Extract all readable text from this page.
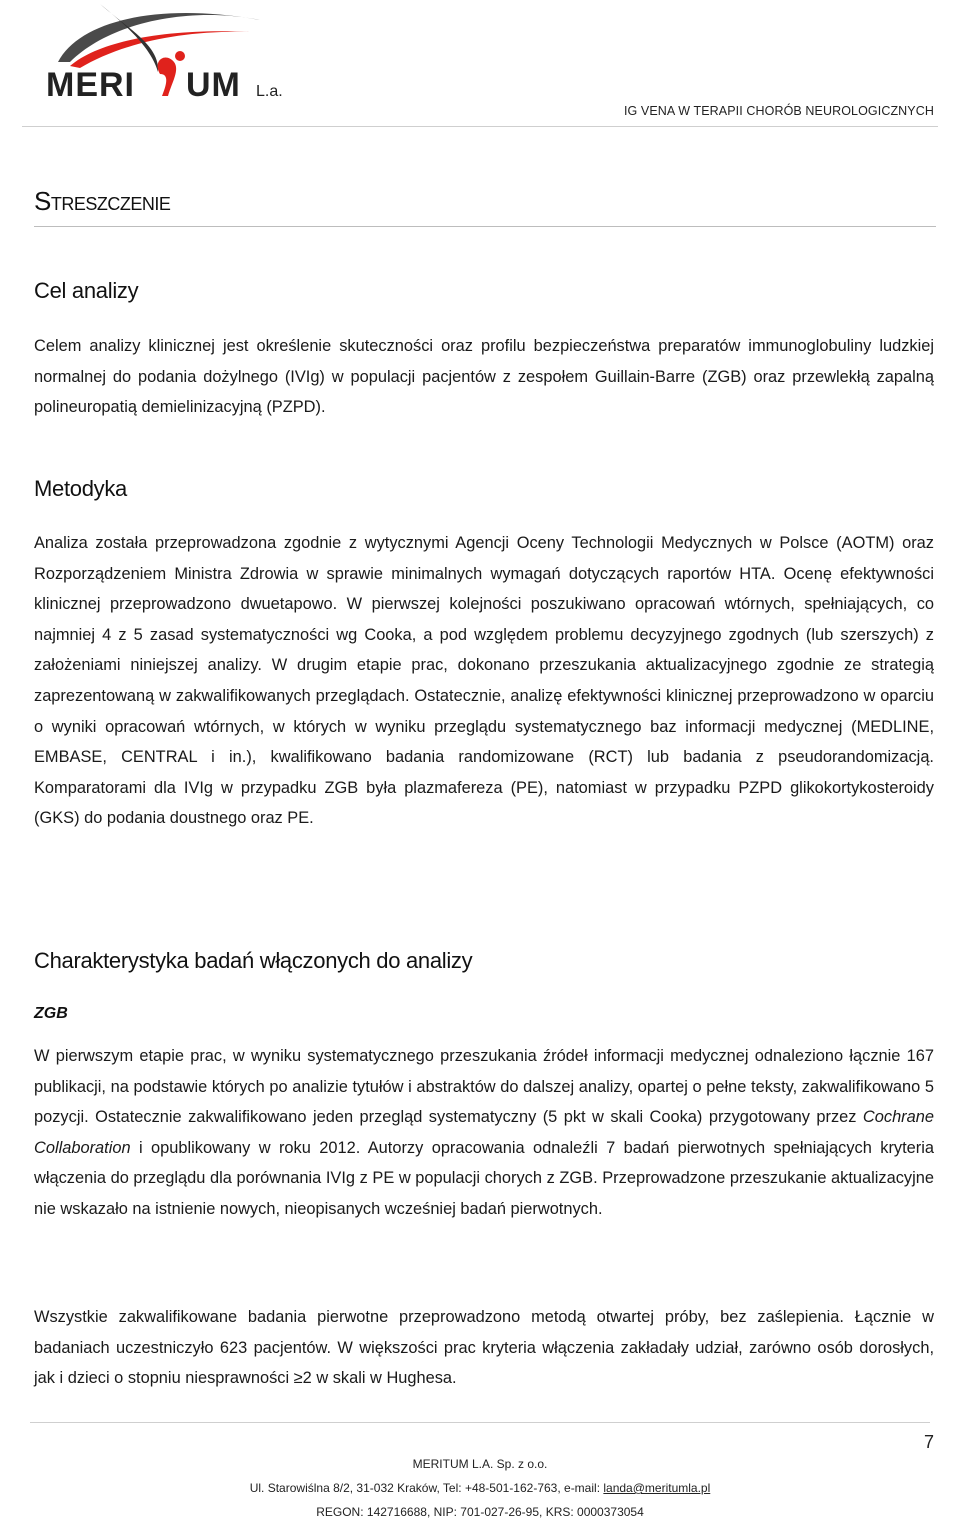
MERI UM L.a.
IG VENA W TERAPII CHORÓB NEUROLOGICZNYCH
Streszczenie
Cel analizy
Celem analizy klinicznej jest określenie skuteczności oraz profilu bezpieczeństwa preparatów immunoglobuliny ludzkiej normalnej do podania dożylnego (IVIg) w populacji pacjentów z zespołem Guillain-Barre (ZGB) oraz przewlekłą zapalną polineuropatią demielinizacyjną (PZPD).
Metodyka
Analiza została przeprowadzona zgodnie z wytycznymi Agencji Oceny Technologii Medycznych w Polsce (AOTM) oraz Rozporządzeniem Ministra Zdrowia w sprawie minimalnych wymagań dotyczących raportów HTA. Ocenę efektywności klinicznej przeprowadzono dwuetapowo. W pierwszej kolejności poszukiwano opracowań wtórnych, spełniających, co najmniej 4 z 5 zasad systematyczności wg Cooka, a pod względem problemu decyzyjnego zgodnych (lub szerszych) z założeniami niniejszej analizy. W drugim etapie prac, dokonano przeszukania aktualizacyjnego zgodnie ze strategią zaprezentowaną w zakwalifikowanych przeglądach. Ostatecznie, analizę efektywności klinicznej przeprowadzono w oparciu o wyniki opracowań wtórnych, w których w wyniku przeglądu systematycznego baz informacji medycznej (MEDLINE, EMBASE, CENTRAL i in.), kwalifikowano badania randomizowane (RCT) lub badania z pseudorandomizacją. Komparatorami dla IVIg w przypadku ZGB była plazmafereza (PE), natomiast w przypadku PZPD glikokortykosteroidy (GKS) do podania doustnego oraz PE.
Charakterystyka badań włączonych do analizy
ZGB
W pierwszym etapie prac, w wyniku systematycznego przeszukania źródeł informacji medycznej odnaleziono łącznie 167 publikacji, na podstawie których po analizie tytułów i abstraktów do dalszej analizy, opartej o pełne teksty, zakwalifikowano 5 pozycji. Ostatecznie zakwalifikowano jeden przegląd systematyczny (5 pkt w skali Cooka) przygotowany przez Cochrane Collaboration i opublikowany w roku 2012. Autorzy opracowania odnaleźli 7 badań pierwotnych spełniających kryteria włączenia do przeglądu dla porównania IVIg z PE w populacji chorych z ZGB. Przeprowadzone przeszukanie aktualizacyjne nie wskazało na istnienie nowych, nieopisanych wcześniej badań pierwotnych.
Wszystkie zakwalifikowane badania pierwotne przeprowadzono metodą otwartej próby, bez zaślepienia. Łącznie w badaniach uczestniczyło 623 pacjentów. W większości prac kryteria włączenia zakładały udział, zarówno osób dorosłych, jak i dzieci o stopniu niesprawności ≥2 w skali w Hughesa.
7
MERITUM L.A. Sp. z o.o.
Ul. Starowiślna 8/2, 31-032 Kraków, Tel: +48-501-162-763, e-mail: landa@meritumla.pl
REGON: 142716688, NIP: 701-027-26-95, KRS: 0000373054
